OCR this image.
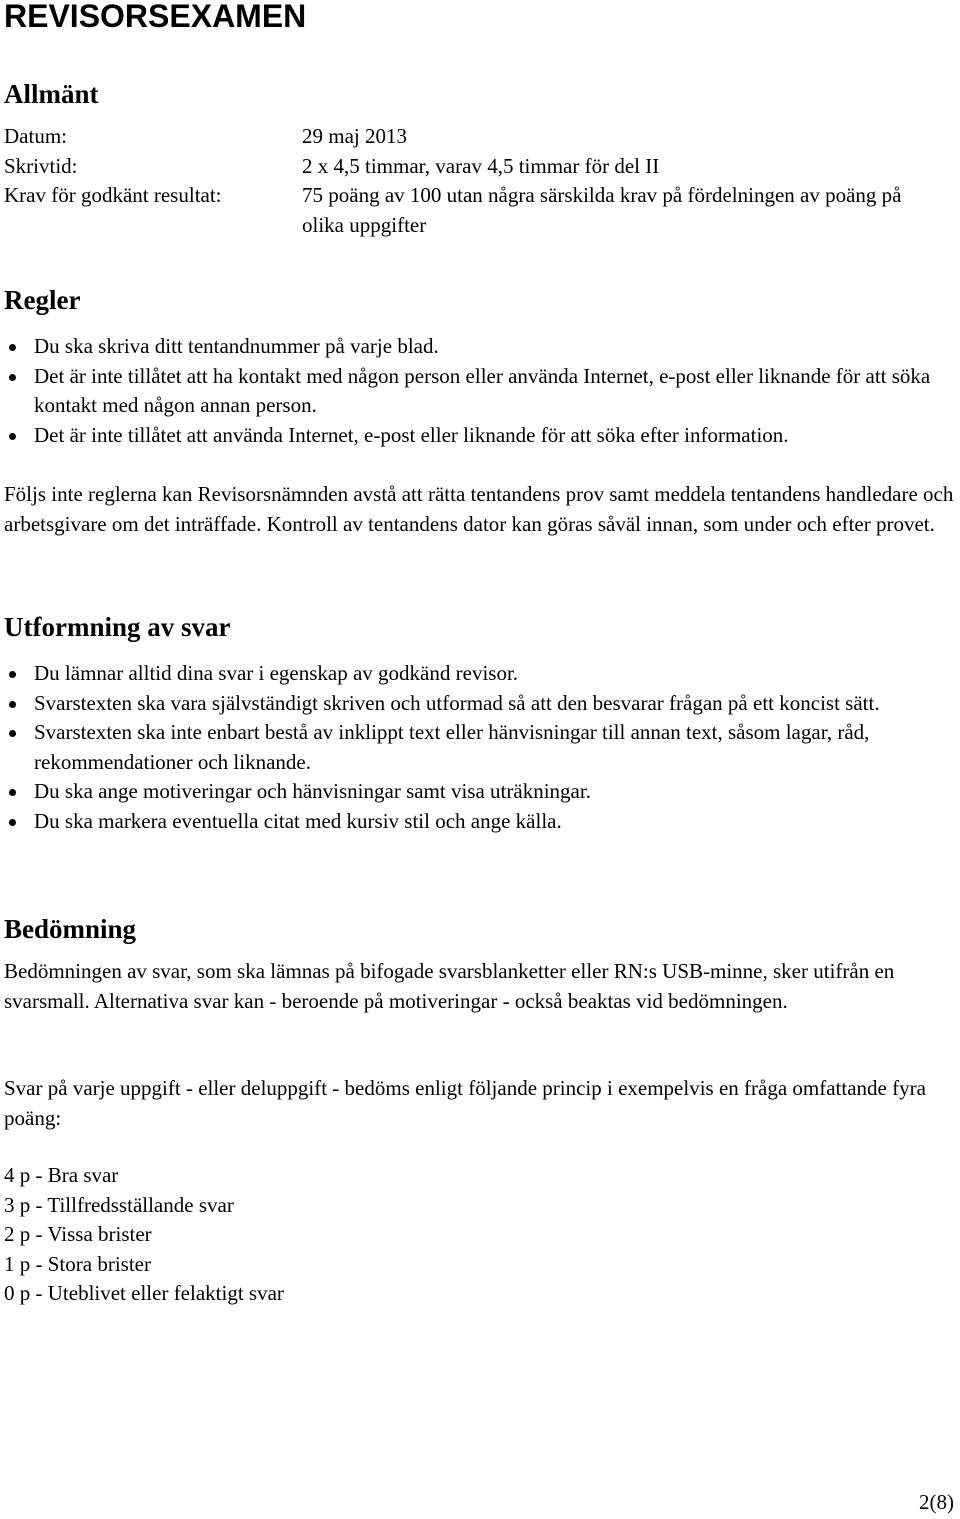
REVISORSEXAMEN
Allmänt
Datum:	29 maj 2013
Skrivtid:	2 x 4,5 timmar, varav 4,5 timmar för del II
Krav för godkänt resultat:	75 poäng av 100 utan några särskilda krav på fördelningen av poäng på olika uppgifter
Regler
Du ska skriva ditt tentandnummer på varje blad.
Det är inte tillåtet att ha kontakt med någon person eller använda Internet, e-post eller liknande för att söka kontakt med någon annan person.
Det är inte tillåtet att använda Internet, e-post eller liknande för att söka efter information.

Följs inte reglerna kan Revisorsnämnden avstå att rätta tentandens prov samt meddela tentandens handledare och arbetsgivare om det inträffade. Kontroll av tentandens dator kan göras såväl innan, som under och efter provet.

Utformning av svar
Du lämnar alltid dina svar i egenskap av godkänd revisor.
Svarstexten ska vara självständigt skriven och utformad så att den besvarar frågan på ett koncist sätt.
Svarstexten ska inte enbart bestå av inklippt text eller hänvisningar till annan text, såsom lagar, råd, rekommendationer och liknande.
Du ska ange motiveringar och hänvisningar samt visa uträkningar.
Du ska markera eventuella citat med kursiv stil och ange källa.
Bedömning

Bedömningen av svar, som ska lämnas på bifogade svarsblanketter eller RN:s USB-minne, sker utifrån en svarsmall. Alternativa svar kan - beroende på motiveringar - också beaktas vid bedömningen.

Svar på varje uppgift - eller deluppgift - bedöms enligt följande princip i exempelvis en fråga omfattande fyra poäng:

4 p - Bra svar

3 p - Tillfredsställande svar

2 p - Vissa brister

1 p - Stora brister

0 p - Uteblivet eller felaktigt svar

2(8)
